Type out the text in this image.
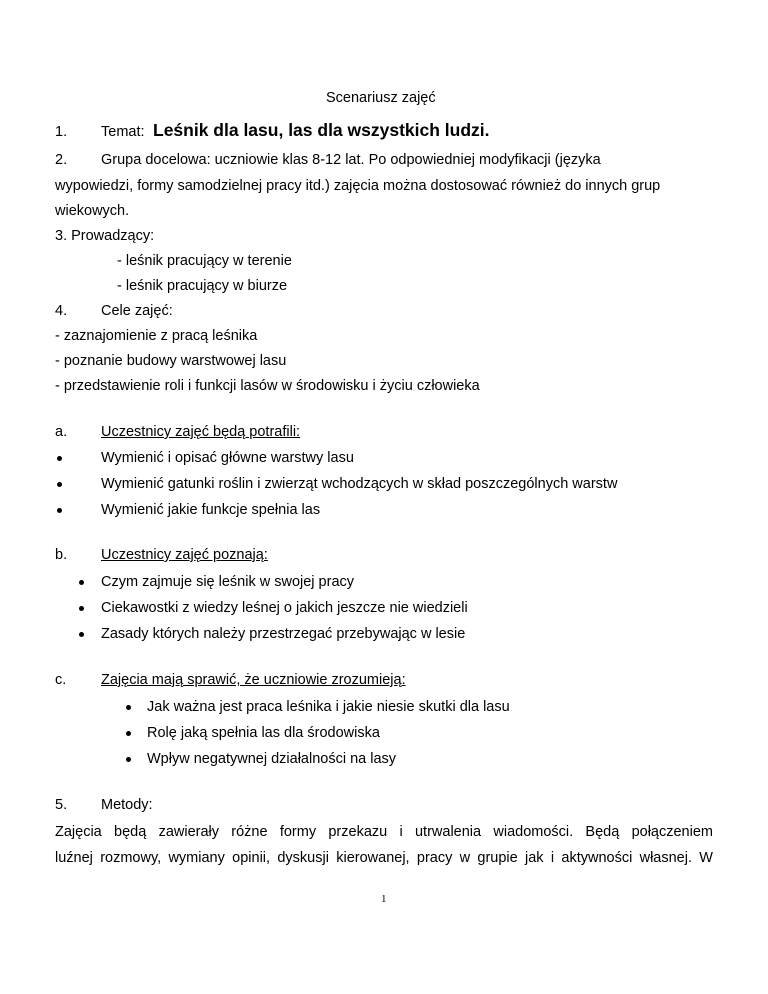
Scenariusz zajęć
1. Temat: Leśnik dla lasu, las dla wszystkich ludzi.
2. Grupa docelowa: uczniowie klas 8-12 lat. Po odpowiedniej modyfikacji (języka
wypowiedzi, formy samodzielnej pracy itd.) zajęcia można dostosować również do innych grup
wiekowych.
3. Prowadzący:
- leśnik pracujący w terenie
- leśnik pracujący w biurze
4. Cele zajęć:
- zaznajomienie z pracą leśnika
- poznanie budowy warstwowej lasu
- przedstawienie roli i funkcji lasów w środowisku i życiu człowieka
a. Uczestnicy zajęć będą potrafili:
Wymienić i opisać główne warstwy lasu
Wymienić gatunki roślin i zwierząt wchodzących w skład poszczególnych warstw
Wymienić jakie funkcje spełnia las
b. Uczestnicy zajęć poznają:
Czym zajmuje się leśnik w swojej pracy
Ciekawostki z wiedzy leśnej o jakich jeszcze nie wiedzieli
Zasady których należy przestrzegać przebywając w lesie
c. Zajęcia mają sprawić, że uczniowie zrozumieją:
Jak ważna jest praca leśnika i jakie niesie skutki dla lasu
Rolę jaką spełnia las dla środowiska
Wpływ negatywnej działalności na lasy
5. Metody:
Zajęcia będą zawierały różne formy przekazu i utrwalenia wiadomości. Będą połączeniem
luźnej rozmowy, wymiany opinii, dyskusji kierowanej, pracy w grupie jak i aktywności własnej. W
1
